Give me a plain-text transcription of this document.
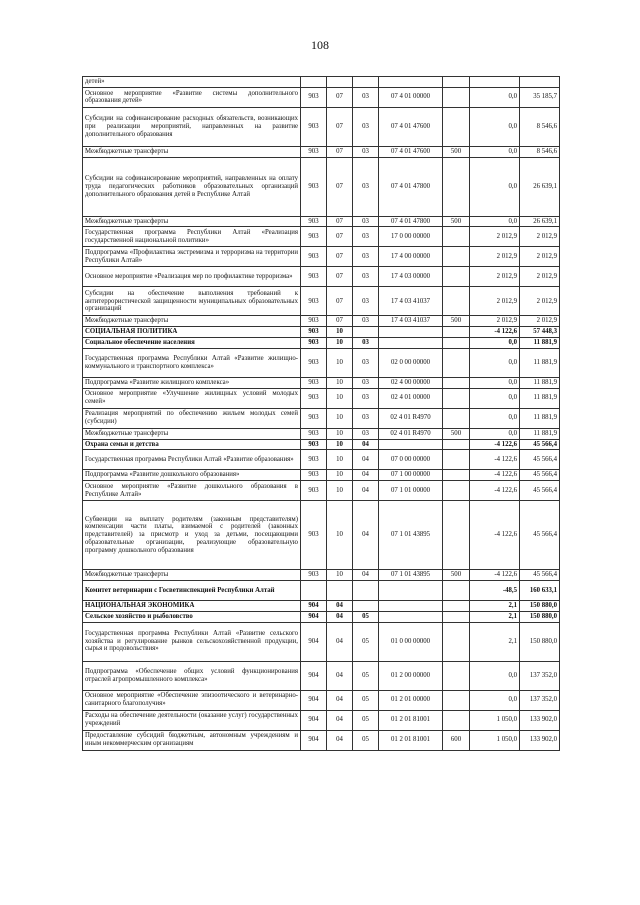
108
детей»							
Основное мероприятие «Развитие системы дополнительного образования детей»	903	07	03	07 4 01 00000		0,0	35 185,7
Субсидии на софинансирование расходных обязательств, возникающих при реализации мероприятий, направленных на развитие дополнительного образования	903	07	03	07 4 01 47600		0,0	8 546,6
Межбюджетные трансферты	903	07	03	07 4 01 47600	500	0,0	8 546,6
Субсидии на софинансирование мероприятий, направленных на оплату труда педагогических работников образовательных организаций дополнительного образования детей в Республике Алтай	903	07	03	07 4 01 47800		0,0	26 639,1
Межбюджетные трансферты	903	07	03	07 4 01 47800	500	0,0	26 639,1
Государственная программа Республики Алтай «Реализация государственной национальной политики»	903	07	03	17 0 00 00000		2 012,9	2 012,9
Подпрограмма «Профилактика экстремизма и терроризма на территории Республики Алтай»	903	07	03	17 4 00 00000		2 012,9	2 012,9
Основное мероприятие «Реализация мер по профилактике терроризма»	903	07	03	17 4 03 00000		2 012,9	2 012,9
Субсидии на обеспечение выполнения требований к антитеррористической защищенности муниципальных образовательных организаций	903	07	03	17 4 03 41037		2 012,9	2 012,9
Межбюджетные трансферты	903	07	03	17 4 03 41037	500	2 012,9	2 012,9
СОЦИАЛЬНАЯ ПОЛИТИКА	903	10				-4 122,6	57 448,3
Социальное обеспечение населения	903	10	03			0,0	11 881,9
Государственная программа Республики Алтай «Развитие жилищно-коммунального и транспортного комплекса»	903	10	03	02 0 00 00000		0,0	11 881,9
Подпрограмма «Развитие жилищного комплекса»	903	10	03	02 4 00 00000		0,0	11 881,9
Основное мероприятие «Улучшение жилищных условий молодых семей»	903	10	03	02 4 01 00000		0,0	11 881,9
Реализация мероприятий по обеспечению жильем молодых семей (субсидии)	903	10	03	02 4 01 R4970		0,0	11 881,9
Межбюджетные трансферты	903	10	03	02 4 01 R4970	500	0,0	11 881,9
Охрана семьи и детства	903	10	04			-4 122,6	45 566,4
Государственная программа Республики Алтай «Развитие образования»	903	10	04	07 0 00 00000		-4 122,6	45 566,4
Подпрограмма «Развитие дошкольного образования»	903	10	04	07 1 00 00000		-4 122,6	45 566,4
Основное мероприятие «Развитие дошкольного образования в Республике Алтай»	903	10	04	07 1 01 00000		-4 122,6	45 566,4
Субвенции на выплату родителям (законным представителям) компенсации части платы, взимаемой с родителей (законных представителей) за присмотр и уход за детьми, посещающими образовательные организации, реализующие образовательную программу дошкольного образования	903	10	04	07 1 01 43895		-4 122,6	45 566,4
Межбюджетные трансферты	903	10	04	07 1 01 43895	500	-4 122,6	45 566,4
Комитет ветеринарии с Госветинспекцией Республики Алтай						-48,5	160 633,1
НАЦИОНАЛЬНАЯ ЭКОНОМИКА	904	04				2,1	150 880,0
Сельское хозяйство и рыболовство	904	04	05			2,1	150 880,0
Государственная программа Республики Алтай «Развитие сельского хозяйства и регулирование рынков сельскохозяйственной продукции, сырья и продовольствия»	904	04	05	01 0 00 00000		2,1	150 880,0
Подпрограмма «Обеспечение общих условий функционирования отраслей агропромышленного комплекса»	904	04	05	01 2 00 00000		0,0	137 352,0
Основное мероприятие «Обеспечение эпизоотического и ветеринарно-санитарного благополучия»	904	04	05	01 2 01 00000		0,0	137 352,0
Расходы на обеспечение деятельности (оказание услуг) государственных учреждений	904	04	05	01 2 01 81001		1 050,0	133 902,0
Предоставление субсидий бюджетным, автономным учреждениям и иным некоммерческим организациям	904	04	05	01 2 01 81001	600	1 050,0	133 902,0
